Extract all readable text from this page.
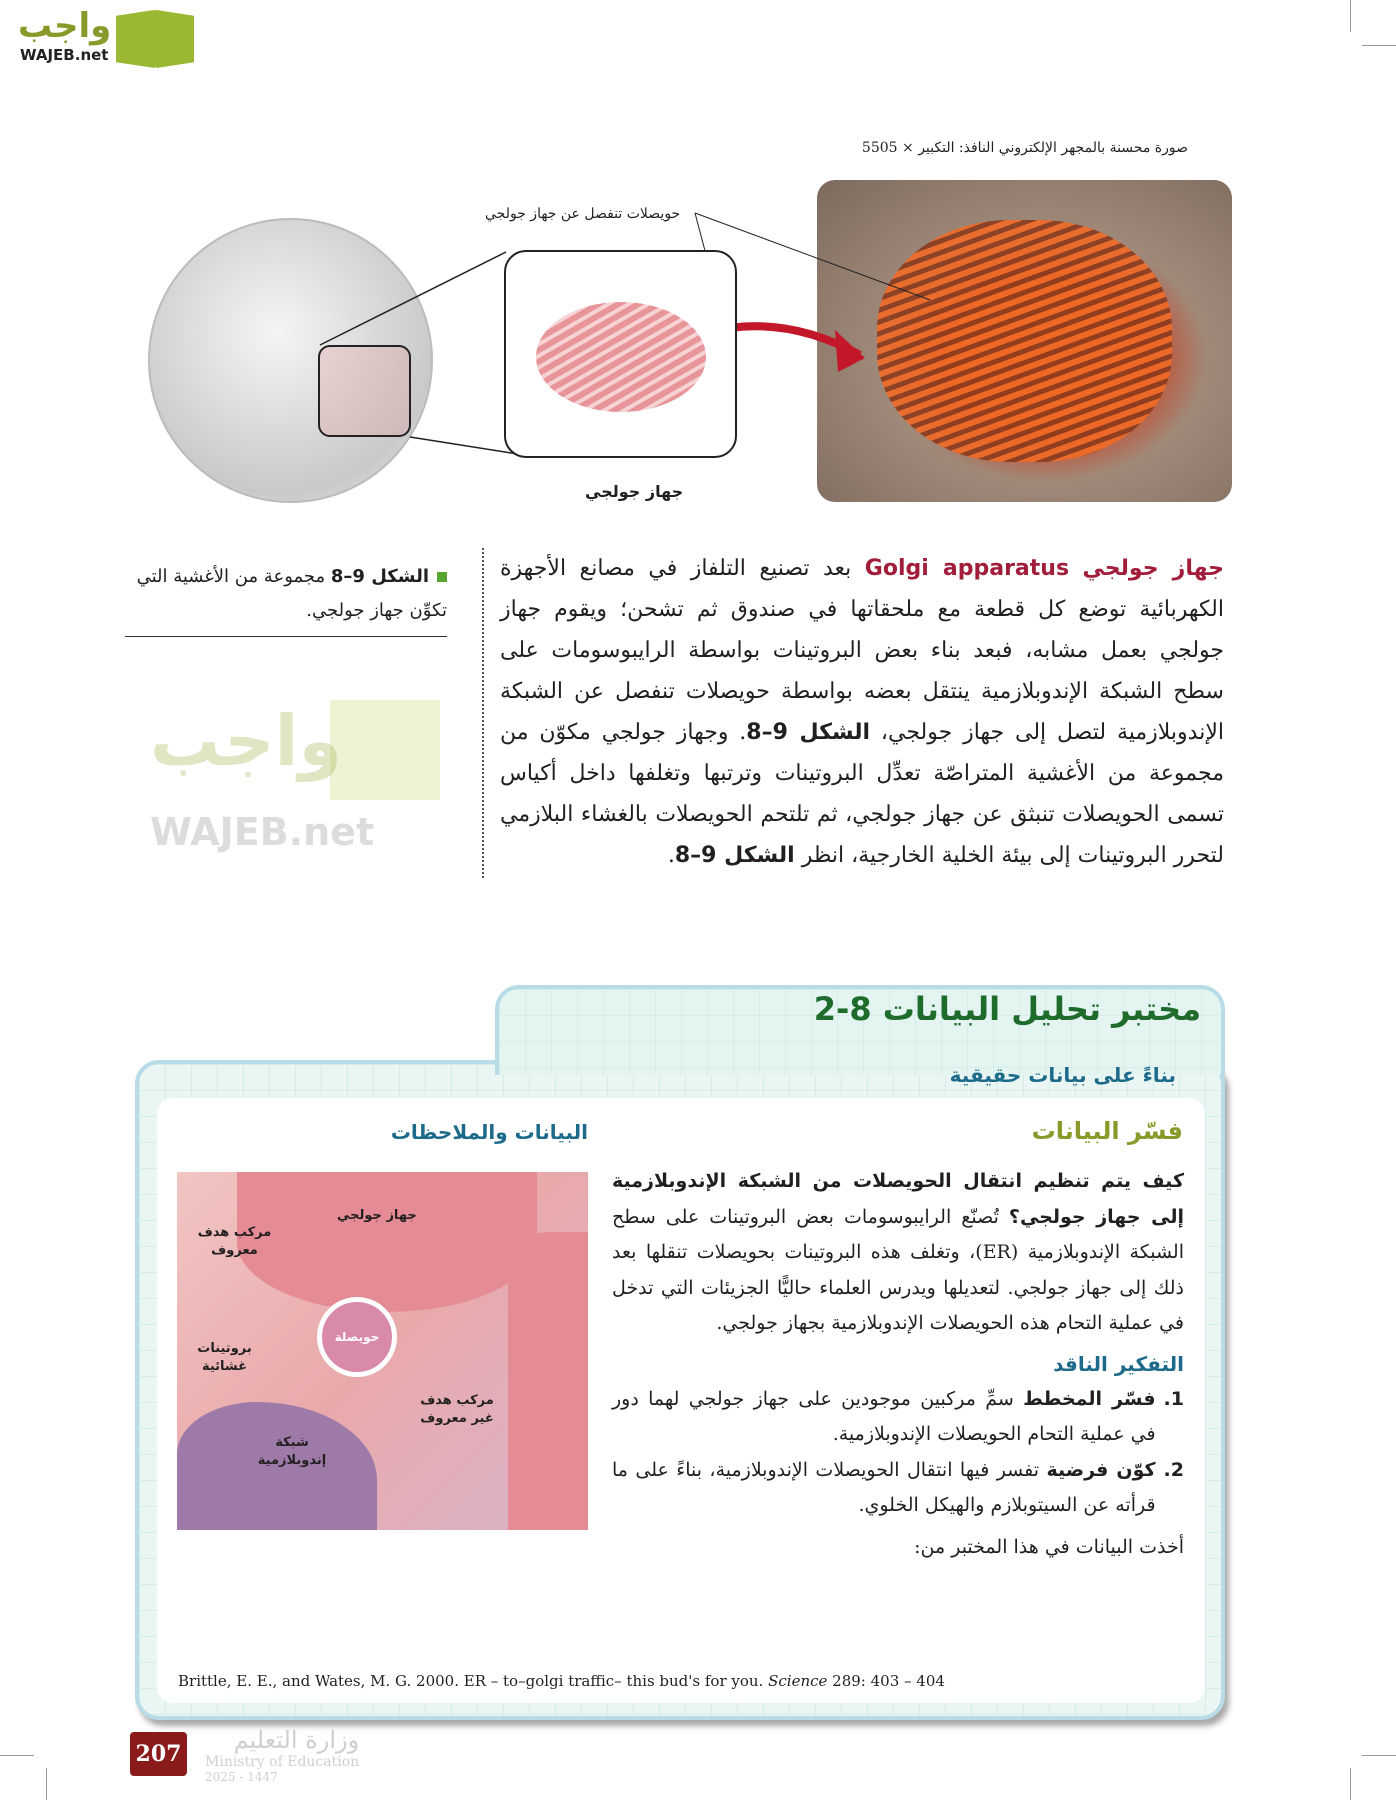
واجب
WAJEB.net
صورة محسنة بالمجهر الإلكتروني النافذ: التكبير × 5505
حويصلات تنفصل عن جهاز جولجي
جهاز جولجي
جهاز جولجي Golgi apparatus بعد تصنيع التلفاز في مصانع الأجهزة الكهربائية توضع كل قطعة مع ملحقاتها في صندوق ثم تشحن؛ ويقوم جهاز جولجي بعمل مشابه، فبعد بناء بعض البروتينات بواسطة الرايبوسومات على سطح الشبكة الإندوبلازمية ينتقل بعضه بواسطة حويصلات تنفصل عن الشبكة الإندوبلازمية لتصل إلى جهاز جولجي، الشكل 9–8. وجهاز جولجي مكوّن من مجموعة من الأغشية المتراصّة تعدِّل البروتينات وترتبها وتغلفها داخل أكياس تسمى الحويصلات تنبثق عن جهاز جولجي، ثم تلتحم الحويصلات بالغشاء البلازمي لتحرر البروتينات إلى بيئة الخلية الخارجية، انظر الشكل 9–8.
الشكل 9–8 مجموعة من الأغشية التي تكوِّن جهاز جولجي.
واجب
WAJEB.net
مختبر تحليل البيانات 8-2
بناءً على بيانات حقيقية
البيانات والملاحظات	فسّر البيانات
حويصلة
جهاز جولجي
مركب هدف معروف
بروتينات غشائية
مركب هدف غير معروف
شبكة إندوبلازمية

كيف يتم تنظيم انتقال الحويصلات من الشبكة الإندوبلازمية إلى جهاز جولجي؟ تُصنّع الرايبوسومات بعض البروتينات على سطح الشبكة الإندوبلازمية (ER)، وتغلف هذه البروتينات بحويصلات تنقلها بعد ذلك إلى جهاز جولجي. لتعديلها ويدرس العلماء حاليًّا الجزيئات التي تدخل في عملية التحام هذه الحويصلات الإندوبلازمية بجهاز جولجي.

التفكير الناقد
1.
فسّر المخطط سمِّ مركبين موجودين على جهاز جولجي لهما دور في عملية التحام الحويصلات الإندوبلازمية.
2.
كوّن فرضية تفسر فيها انتقال الحويصلات الإندوبلازمية، بناءً على ما قرأته عن السيتوبلازم والهيكل الخلوي.

أخذت البيانات في هذا المختبر من:

Brittle, E. E., and Wates, M. G. 2000. ER – to–golgi traffic– this bud's for you. Science 289: 403 – 404
وزارة التعليم
Ministry of Education
2025 - 1447
207
